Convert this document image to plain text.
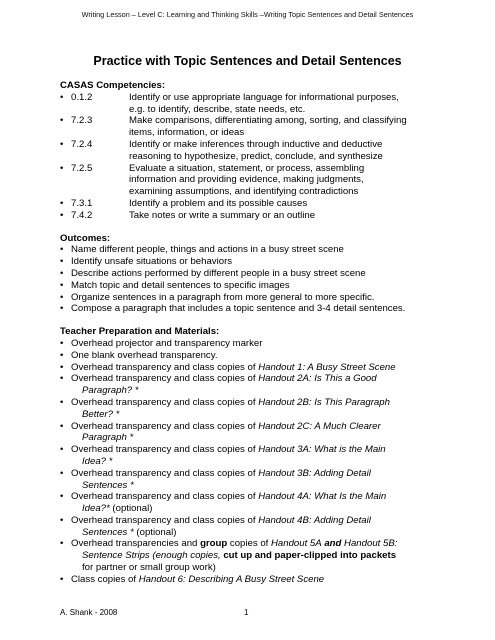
Writing Lesson – Level C: Learning and Thinking Skills –Writing Topic Sentences and Detail Sentences
Practice with Topic Sentences and Detail Sentences
CASAS Competencies:
• 0.1.2	Identify or use appropriate language for informational purposes,
e.g. to identify, describe, state needs, etc.
• 7.2.3	Make comparisons, differentiating among, sorting, and classifying
items, information, or ideas
• 7.2.4	Identify or make inferences through inductive and deductive
reasoning to hypothesize, predict, conclude, and synthesize
• 7.2.5	Evaluate a situation, statement, or process, assembling
information and providing evidence, making judgments,
examining assumptions, and identifying contradictions
• 7.3.1	Identify a problem and its possible causes
• 7.4.2	Take notes or write a summary or an outline
Outcomes:
• Name different people, things and actions in a busy street scene
• Identify unsafe situations or behaviors
• Describe actions performed by different people in a busy street scene
• Match topic and detail sentences to specific images
• Organize sentences in a paragraph from more general to more specific.
• Compose a paragraph that includes a topic sentence and 3-4 detail sentences.
Teacher Preparation and Materials:
• Overhead projector and transparency marker
• One blank overhead transparency.
• Overhead transparency and class copies of Handout 1: A Busy Street Scene
• Overhead transparency and class copies of Handout 2A: Is This a Good
Paragraph? *
• Overhead transparency and class copies of Handout 2B: Is This Paragraph
Better? *
• Overhead transparency and class copies of Handout 2C: A Much Clearer
Paragraph *
• Overhead transparency and class copies of Handout 3A: What is the Main
Idea? *
• Overhead transparency and class copies of Handout 3B: Adding Detail
Sentences *
• Overhead transparency and class copies of Handout 4A: What Is the Main
Idea?* (optional)
• Overhead transparency and class copies of Handout 4B: Adding Detail
Sentences * (optional)
• Overhead transparencies and group copies of Handout 5A and Handout 5B:
Sentence Strips (enough copies, cut up and paper-clipped into packets
for partner or small group work)
• Class copies of Handout 6: Describing A Busy Street Scene
A. Shank - 2008	1
